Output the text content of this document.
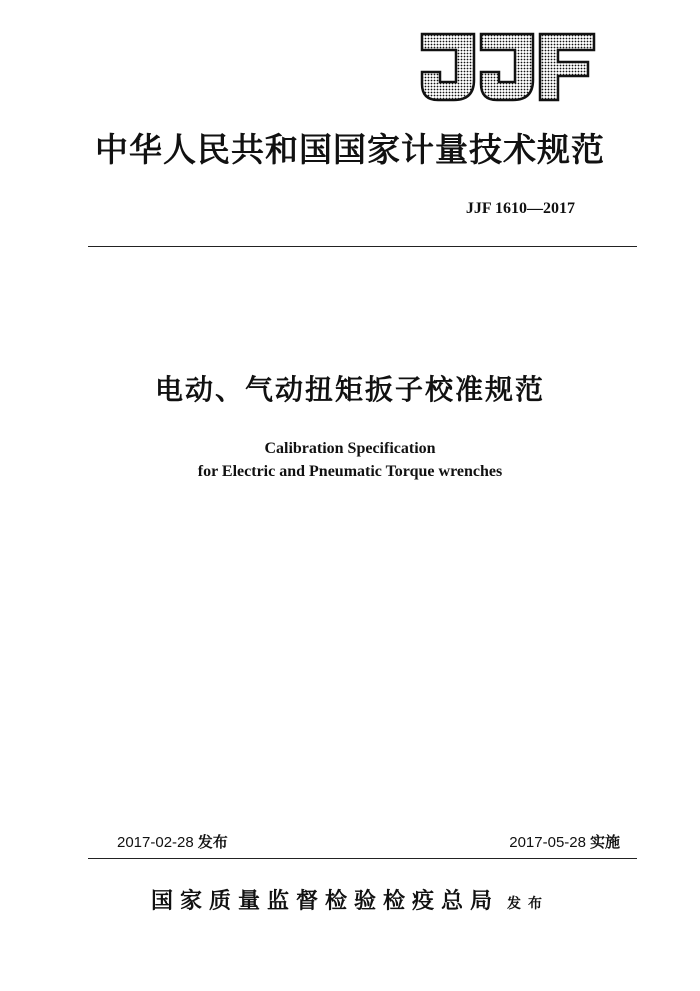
中华人民共和国国家计量技术规范
JJF 1610—2017
电动、气动扭矩扳子校准规范
Calibration Specification
for Electric and Pneumatic Torque wrenches
2017-02-28 发布	2017-05-28 实施
国家质量监督检验检疫总局 发布
